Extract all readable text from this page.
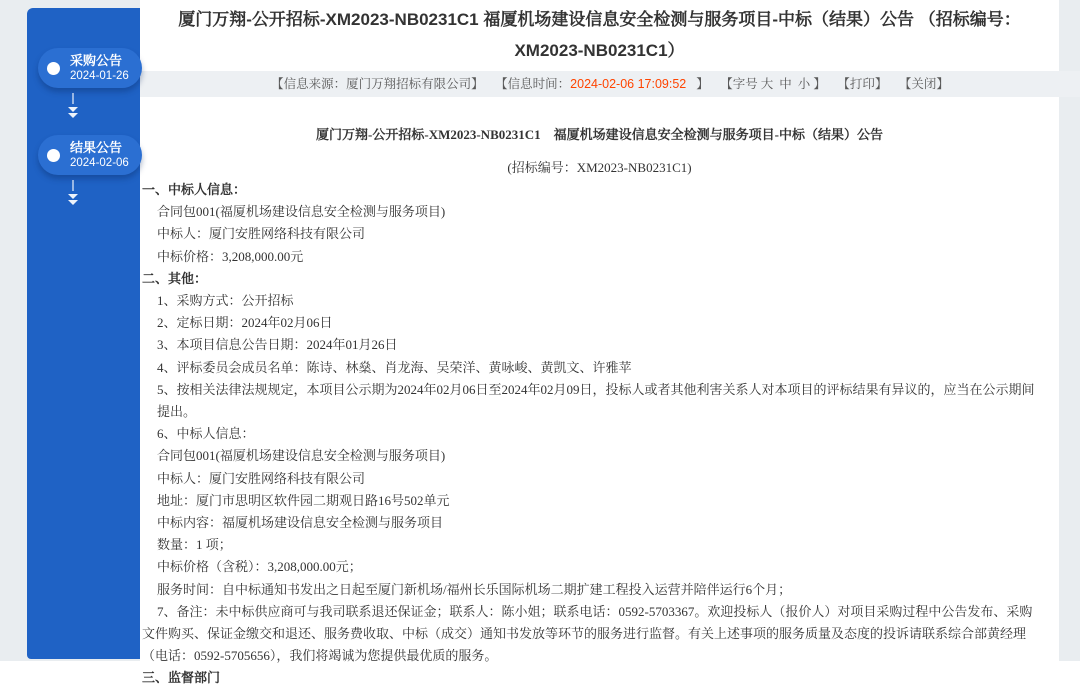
厦门万翔-公开招标-XM2023-NB0231C1 福厦机场建设信息安全检测与服务项目-中标（结果）公告 （招标编号：XM2023-NB0231C1）
【信息来源：厦门万翔招标有限公司】 【信息时间：2024-02-06 17:09:52 】 【字号 大 中 小 】 【打印】 【关闭】
厦门万翔-公开招标-XM2023-NB0231C1　福厦机场建设信息安全检测与服务项目-中标（结果）公告
(招标编号：XM2023-NB0231C1)
一、中标人信息：
合同包001(福厦机场建设信息安全检测与服务项目)
中标人：厦门安胜网络科技有限公司
中标价格：3,208,000.00元
二、其他：
1、采购方式：公开招标
2、定标日期：2024年02月06日
3、本项目信息公告日期：2024年01月26日
4、评标委员会成员名单：陈诗、林燊、肖龙海、吴荣洋、黄咏峻、黄凯文、许雅苹
5、按相关法律法规规定，本项目公示期为2024年02月06日至2024年02月09日，投标人或者其他利害关系人对本项目的评标结果有异议的，应当在公示期间提出。
6、中标人信息：
合同包001(福厦机场建设信息安全检测与服务项目)
中标人：厦门安胜网络科技有限公司
地址：厦门市思明区软件园二期观日路16号502单元
中标内容：福厦机场建设信息安全检测与服务项目
数量：1 项；
中标价格（含税）：3,208,000.00元；
服务时间：自中标通知书发出之日起至厦门新机场/福州长乐国际机场二期扩建工程投入运营并陪伴运行6个月；
7、备注：未中标供应商可与我司联系退还保证金；联系人：陈小姐；联系电话：0592-5703367。欢迎投标人（报价人）对项目采购过程中公告发布、采购文件购买、保证金缴交和退还、服务费收取、中标（成交）通知书发放等环节的服务进行监督。有关上述事项的服务质量及态度的投诉请联系综合部黄经理（电话：0592-5705656），我们将竭诚为您提供最优质的服务。
三、监督部门
采购公告
2024-01-26
结果公告
2024-02-06
